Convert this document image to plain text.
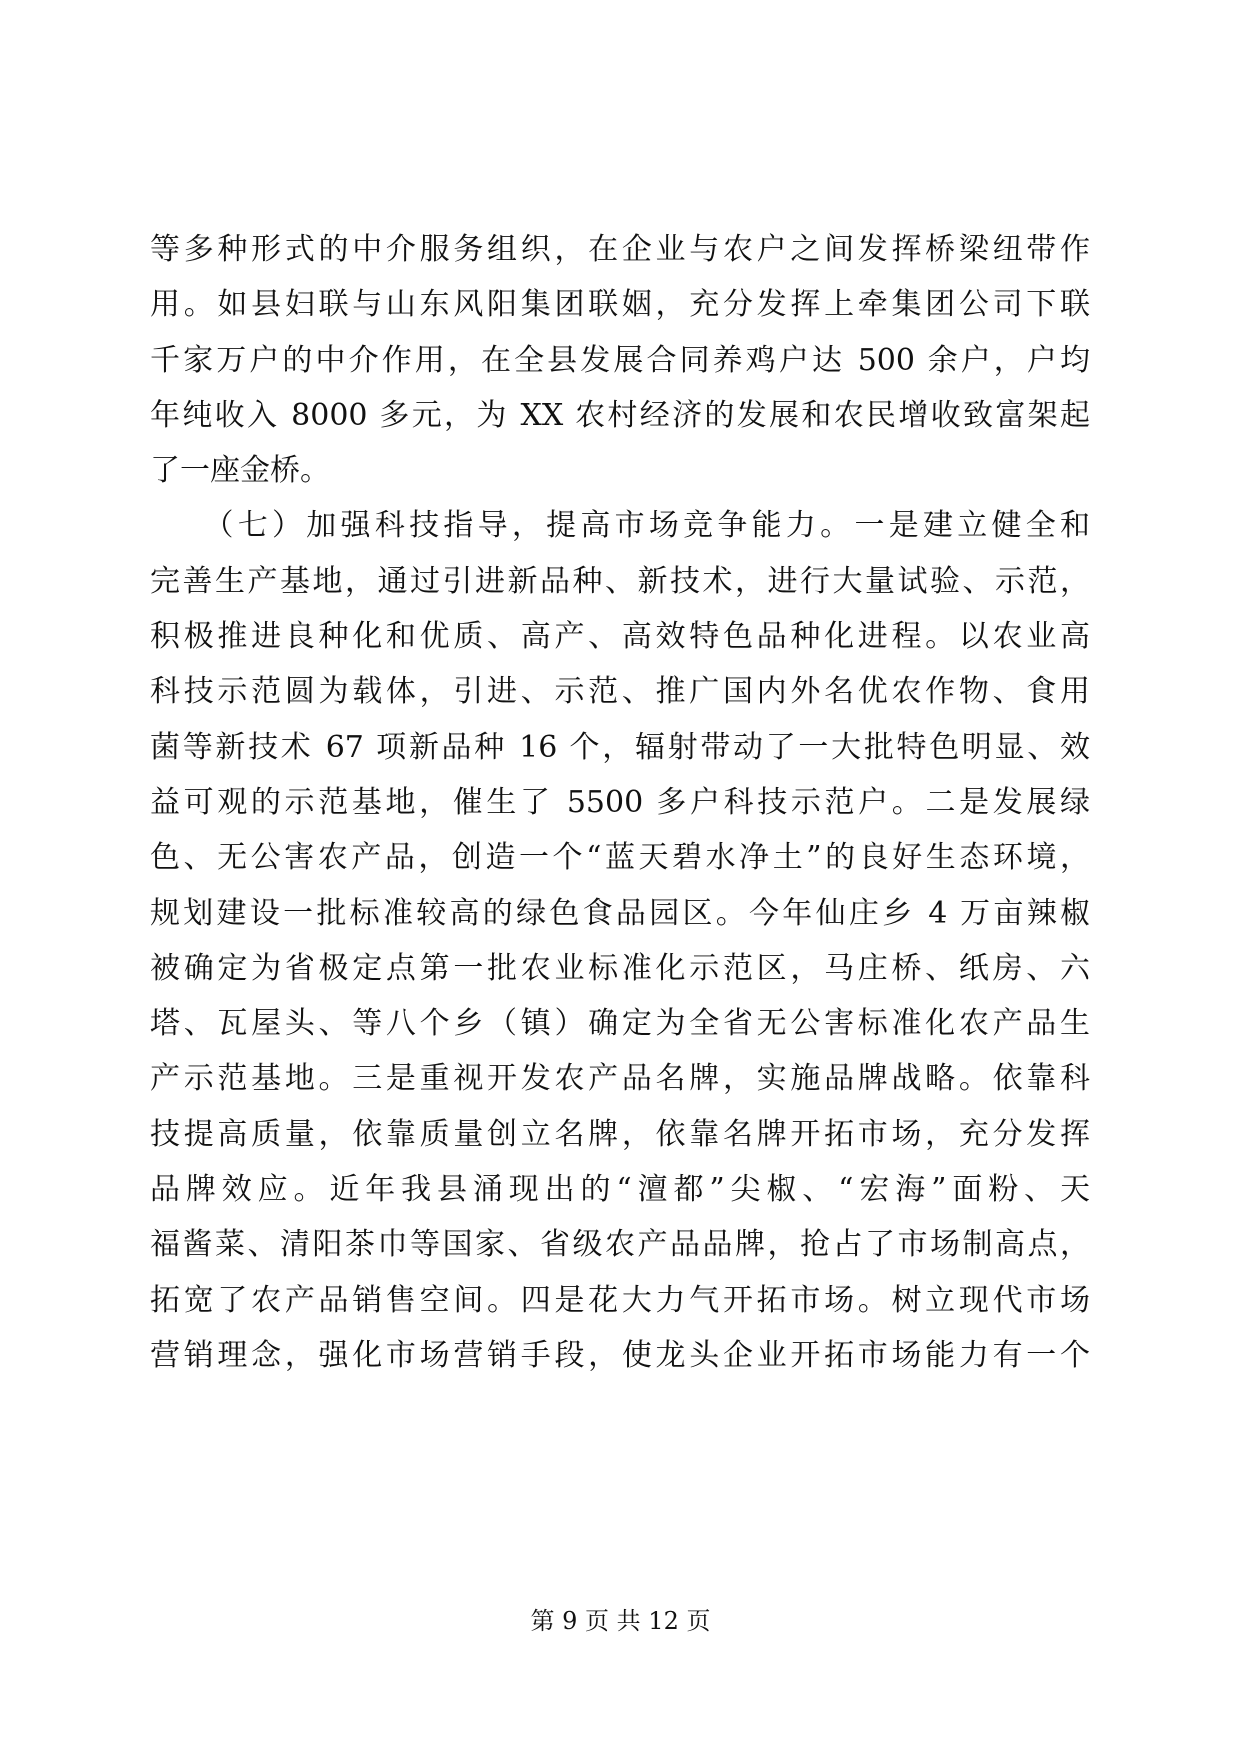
等多种形式的中介服务组织，在企业与农户之间发挥桥梁纽带作
用。如县妇联与山东风阳集团联姻，充分发挥上牵集团公司下联
千家万户的中介作用，在全县发展合同养鸡户达 500 余户，户均
年纯收入 8000 多元，为 XX 农村经济的发展和农民增收致富架起
了一座金桥。
　　（七）加强科技指导，提高市场竞争能力。一是建立健全和
完善生产基地，通过引进新品种、新技术，进行大量试验、示范，
积极推进良种化和优质、高产、高效特色品种化进程。以农业高
科技示范圆为载体，引进、示范、推广国内外名优农作物、食用
菌等新技术 67 项新品种 16 个，辐射带动了一大批特色明显、效
益可观的示范基地，催生了 5500 多户科技示范户。二是发展绿
色、无公害农产品，创造一个“蓝天碧水净土”的良好生态环境，
规划建设一批标准较高的绿色食品园区。今年仙庄乡 4 万亩辣椒
被确定为省极定点第一批农业标准化示范区，马庄桥、纸房、六
塔、瓦屋头、等八个乡（镇）确定为全省无公害标准化农产品生
产示范基地。三是重视开发农产品名牌，实施品牌战略。依靠科
技提高质量，依靠质量创立名牌，依靠名牌开拓市场，充分发挥
品牌效应。近年我县涌现出的“澶都”尖椒、“宏海”面粉、天
福酱菜、清阳茶巾等国家、省级农产品品牌，抢占了市场制高点，
拓宽了农产品销售空间。四是花大力气开拓市场。树立现代市场
营销理念，强化市场营销手段，使龙头企业开拓市场能力有一个
第 9 页 共 12 页
